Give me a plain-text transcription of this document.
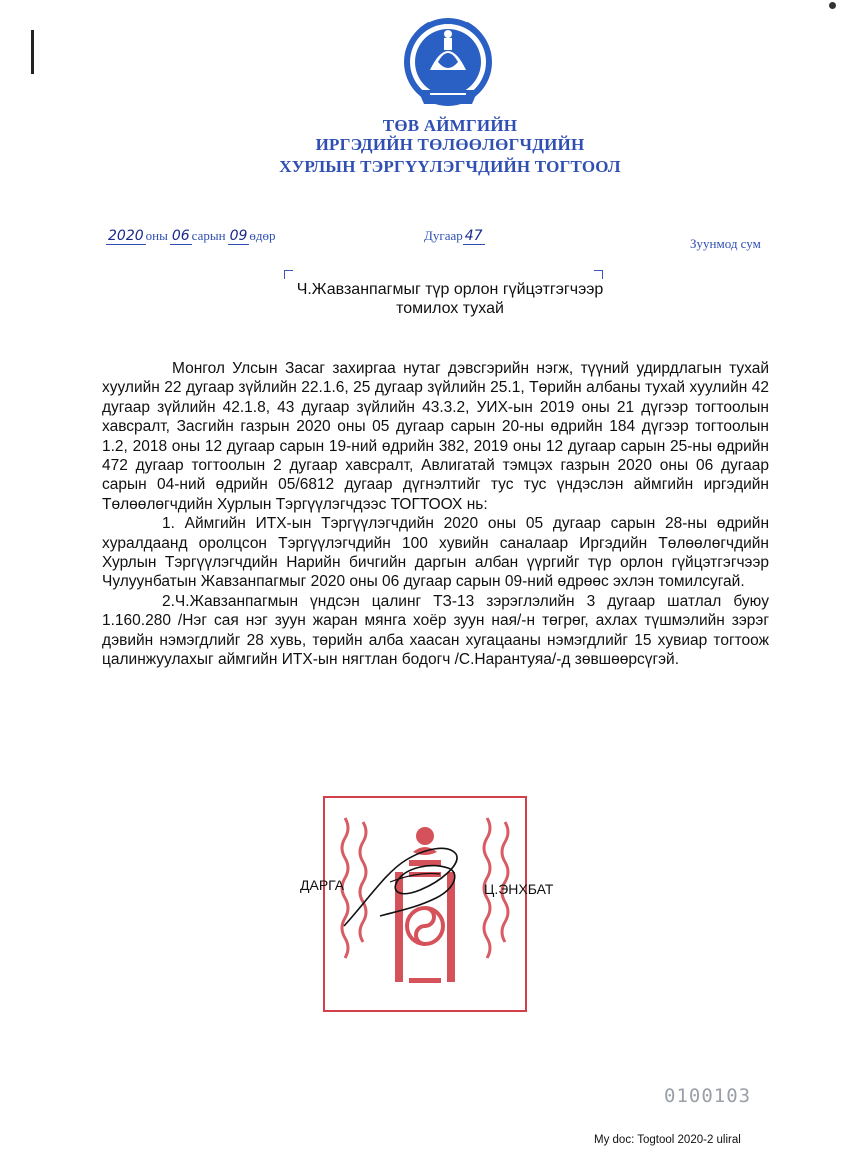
ТӨВ АЙМГИЙН
ИРГЭДИЙН ТӨЛӨӨЛӨГЧДИЙН
ХУРЛЫН ТЭРГҮҮЛЭГЧДИЙН ТОГТООЛ
2020 оны 06 сарын 09 өдөр	Дугаар 47	Зуунмод сум
Ч.Жавзанпагмыг түр орлон гүйцэтгэгчээр
томилох тухай

Монгол Улсын Засаг захиргаа нутаг дэвсгэрийн нэгж, түүний удирдлагын тухай хуулийн 22 дугаар зүйлийн 22.1.6, 25 дугаар зүйлийн 25.1, Төрийн албаны тухай хуулийн 42 дугаар зүйлийн 42.1.8, 43 дугаар зүйлийн 43.3.2, УИХ-ын 2019 оны 21 дүгээр тогтоолын хавсралт, Засгийн газрын 2020 оны 05 дугаар сарын 20-ны өдрийн 184 дүгээр тогтоолын 1.2, 2018 оны 12 дугаар сарын 19-ний өдрийн 382, 2019 оны 12 дугаар сарын 25-ны өдрийн 472 дугаар тогтоолын 2 дугаар хавсралт, Авлигатай тэмцэх газрын 2020 оны 06 дугаар сарын 04-ний өдрийн 05/6812 дугаар дүгнэлтийг тус тус үндэслэн аймгийн иргэдийн Төлөөлөгчдийн Хурлын Тэргүүлэгчдээс ТОГТООХ нь:

1. Аймгийн ИТХ-ын Тэргүүлэгчдийн 2020 оны 05 дугаар сарын 28-ны өдрийн хуралдаанд оролцсон Тэргүүлэгчдийн 100 хувийн саналаар Иргэдийн Төлөөлөгчдийн Хурлын Тэргүүлэгчдийн Нарийн бичгийн даргын албан үүргийг түр орлон гүйцэтгэгчээр Чулуунбатын Жавзанпагмыг 2020 оны 06 дугаар сарын 09-ний өдрөөс эхлэн томилсугай.

2.Ч.Жавзанпагмын үндсэн цалинг ТЗ-13 зэрэглэлийн 3 дугаар шатлал буюу 1.160.280 /Нэг сая нэг зуун жаран мянга хоёр зуун ная/-н төгрөг, ахлах түшмэлийн зэрэг дэвийн нэмэгдлийг 28 хувь, төрийн алба хаасан хугацааны нэмэгдлийг 15 хувиар тогтоож цалинжуулахыг аймгийн ИТХ-ын нягтлан бодогч /С.Нарантуяа/-д зөвшөөрсүгэй.

ДАРГА	Ц.ЭНХБАТ
0100103
My doc: Togtool 2020-2 uliral
